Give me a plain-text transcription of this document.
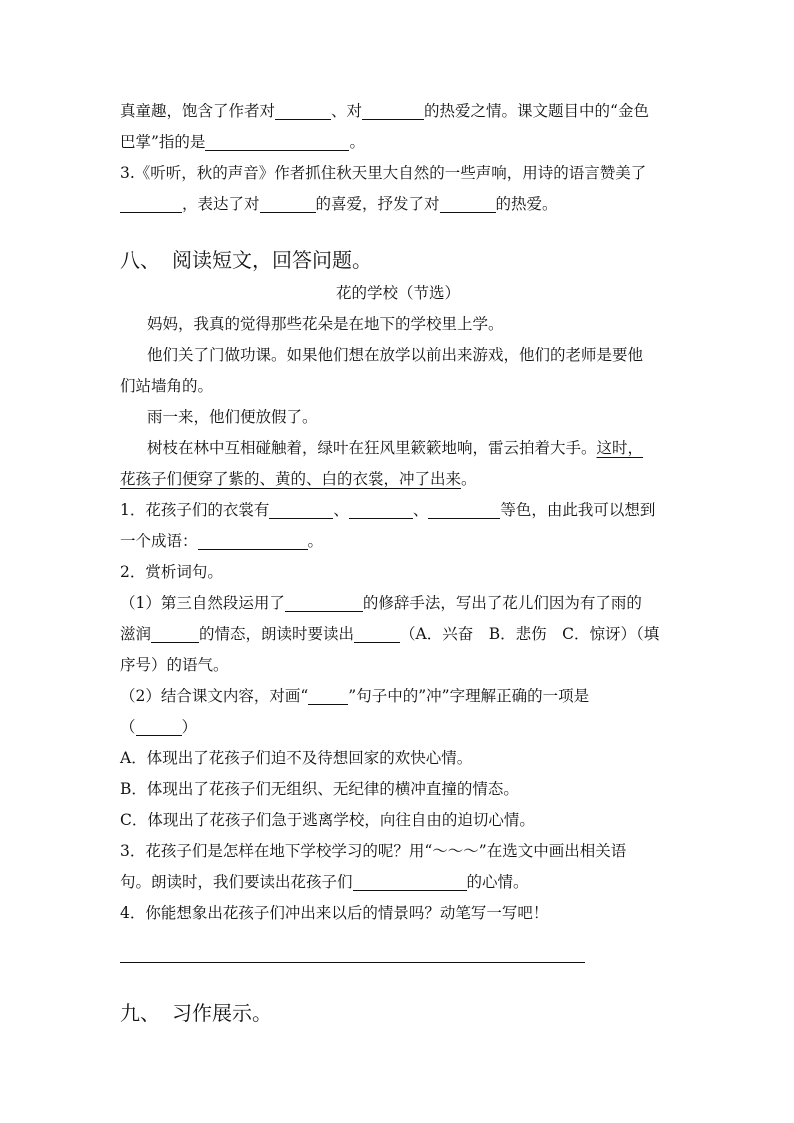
真童趣，饱含了作者对	、对	的热爱之情。课文题目中的“金色
巴掌”指的是	。
3.《听听，秋的声音》作者抓住秋天里大自然的一些声响，用诗的语言赞美了
，表达了对	的喜爱，抒发了对	的热爱。
八、 阅读短文，回答问题。
花的学校（节选）
妈妈，我真的觉得那些花朵是在地下的学校里上学。
他们关了门做功课。如果他们想在放学以前出来游戏，他们的老师是要他
们站墙角的。
雨一来，他们便放假了。
树枝在林中互相碰触着，绿叶在狂风里簌簌地响，雷云拍着大手。这时，
花孩子们便穿了紫的、黄的、白的衣裳，冲了出来。
1．花孩子们的衣裳有	、	、	等色，由此我可以想到
一个成语：	。
2．赏析词句。
（1）第三自然段运用了	的修辞手法，写出了花儿们因为有了雨的
滋润	的情态，朗读时要读出	（A．兴奋　B．悲伤　C．惊讶）（填
序号）的语气。
（2）结合课文内容，对画“	”句子中的”冲”字理解正确的一项是
（	）
A．体现出了花孩子们迫不及待想回家的欢快心情。
B．体现出了花孩子们无组织、无纪律的横冲直撞的情态。
C．体现出了花孩子们急于逃离学校，向往自由的迫切心情。
3．花孩子们是怎样在地下学校学习的呢？用“～～～”在选文中画出相关语
句。朗读时，我们要读出花孩子们	的心情。
4．你能想象出花孩子们冲出来以后的情景吗？动笔写一写吧！
九、 习作展示。
